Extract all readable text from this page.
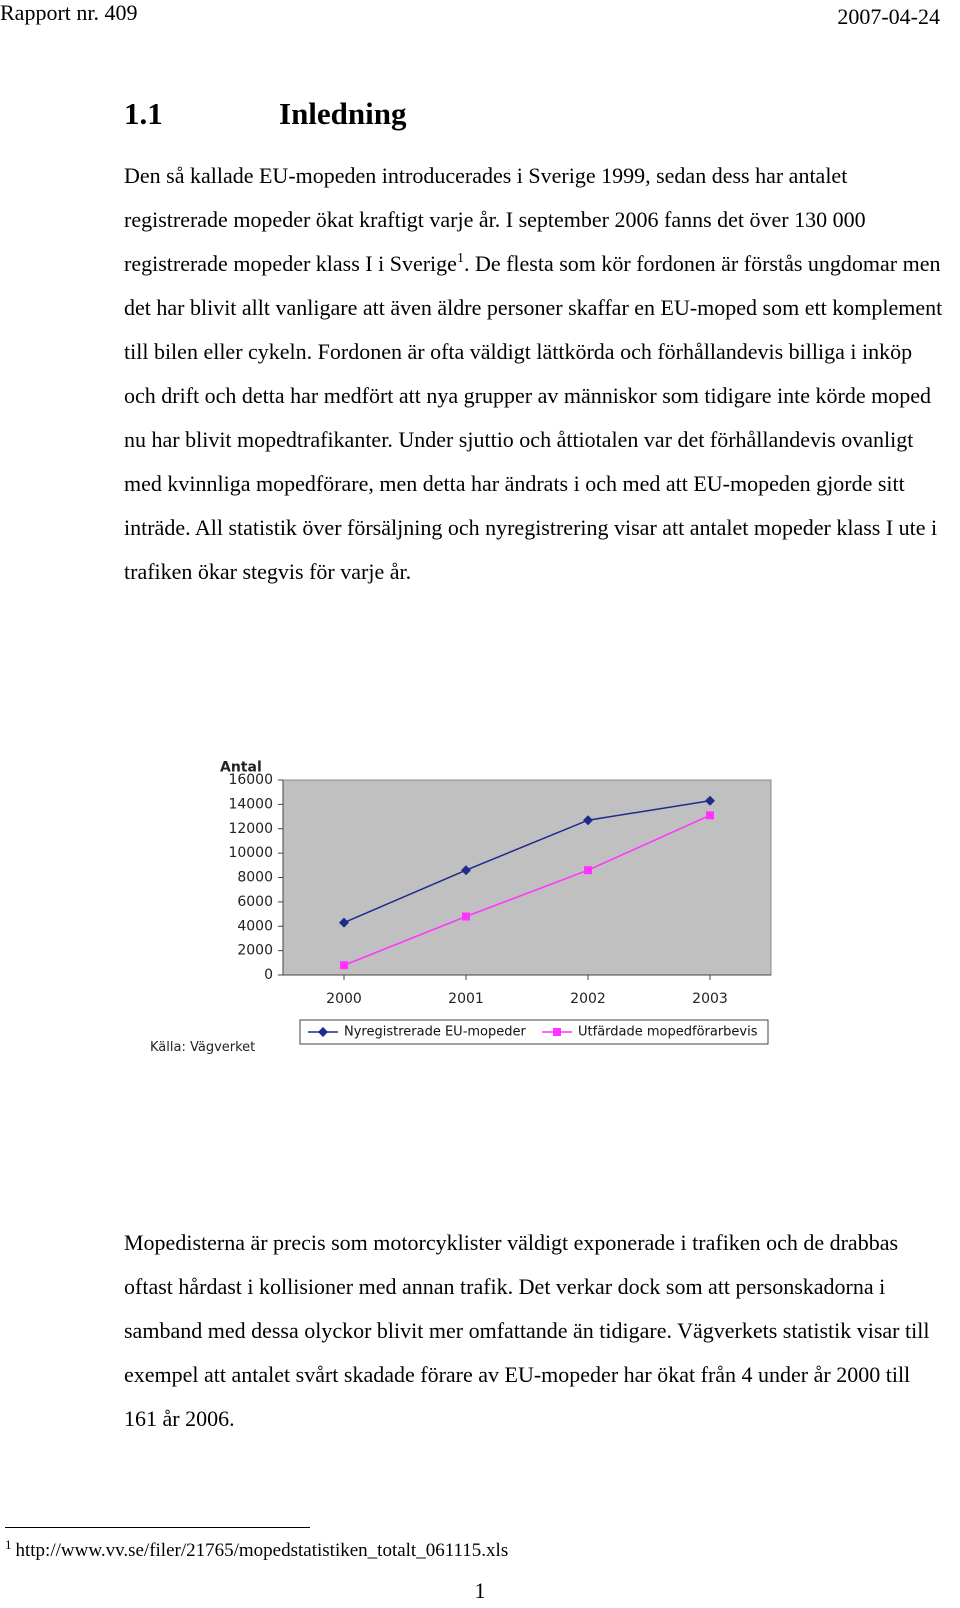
Rapport nr. 409	2007-04-24
1.1	Inledning

Den så kallade EU-mopeden introducerades i Sverige 1999, sedan dess har antalet registrerade mopeder ökat kraftigt varje år. I september 2006 fanns det över 130 000 registrerade mopeder klass I i Sverige$^1$. De flesta som kör fordonen är förstås ungdomar men det har blivit allt vanligare att även äldre personer skaffar en EU-moped som ett komplement till bilen eller cykeln. Fordonen är ofta väldigt lättkörda och förhållandevis billiga i inköp och drift och detta har medfört att nya grupper av människor som tidigare inte körde moped nu har blivit mopedtrafikanter. Under sjuttio och åttiotalen var det förhållandevis ovanligt med kvinnliga mopedförare, men detta har ändrats i och med att EU-mopeden gjorde sitt inträde. All statistik över försäljning och nyregistrering visar att antalet mopeder klass I ute i trafiken ökar stegvis för varje år.

Antal
16000
14000
12000
10000
8000
6000
4000
2000
0
2000	2001	2002	2003
Nyregistrerade EU-mopeder	Utfärdade mopedförarbevis
Källa: Vägverket

Mopedisterna är precis som motorcyklister väldigt exponerade i trafiken och de drabbas oftast hårdast i kollisioner med annan trafik. Det verkar dock som att personskadorna i samband med dessa olyckor blivit mer omfattande än tidigare. Vägverkets statistik visar till exempel att antalet svårt skadade förare av EU-mopeder har ökat från 4 under år 2000 till 161 år 2006.

$^1$ http://www.vv.se/filer/21765/mopedstatistiken_totalt_061115.xls
1
